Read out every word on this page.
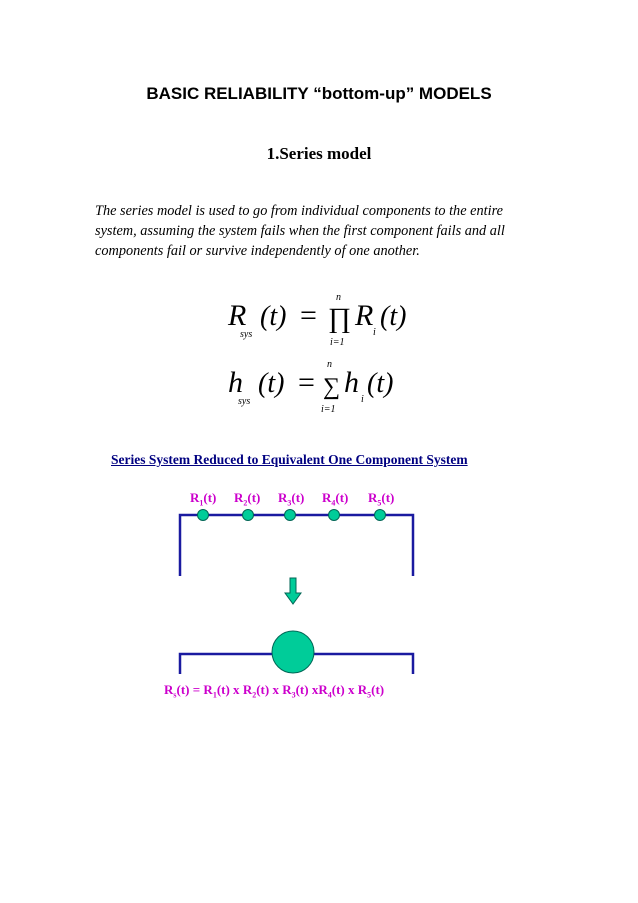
BASIC RELIABILITY “bottom-up” MODELS
1.Series model
The series model is used to go from individual components to the entire
system, assuming the system fails when the first component fails and all
components fail or survive independently of one another.
R
sys
(t) =
n
∏
i=1
R
i
(t)
h
sys
(t) =
n
∑
i=1
h
i
(t)
Series System Reduced to Equivalent One Component System
$R_1(t)$ $R_2(t)$ $R_3(t)$ $R_4(t)$ $R_5(t)$
$R_s(t) = R_1(t)$ x $R_2(t)$ x $R_3(t)$ $xR_4(t)$ x $R_5(t)$
